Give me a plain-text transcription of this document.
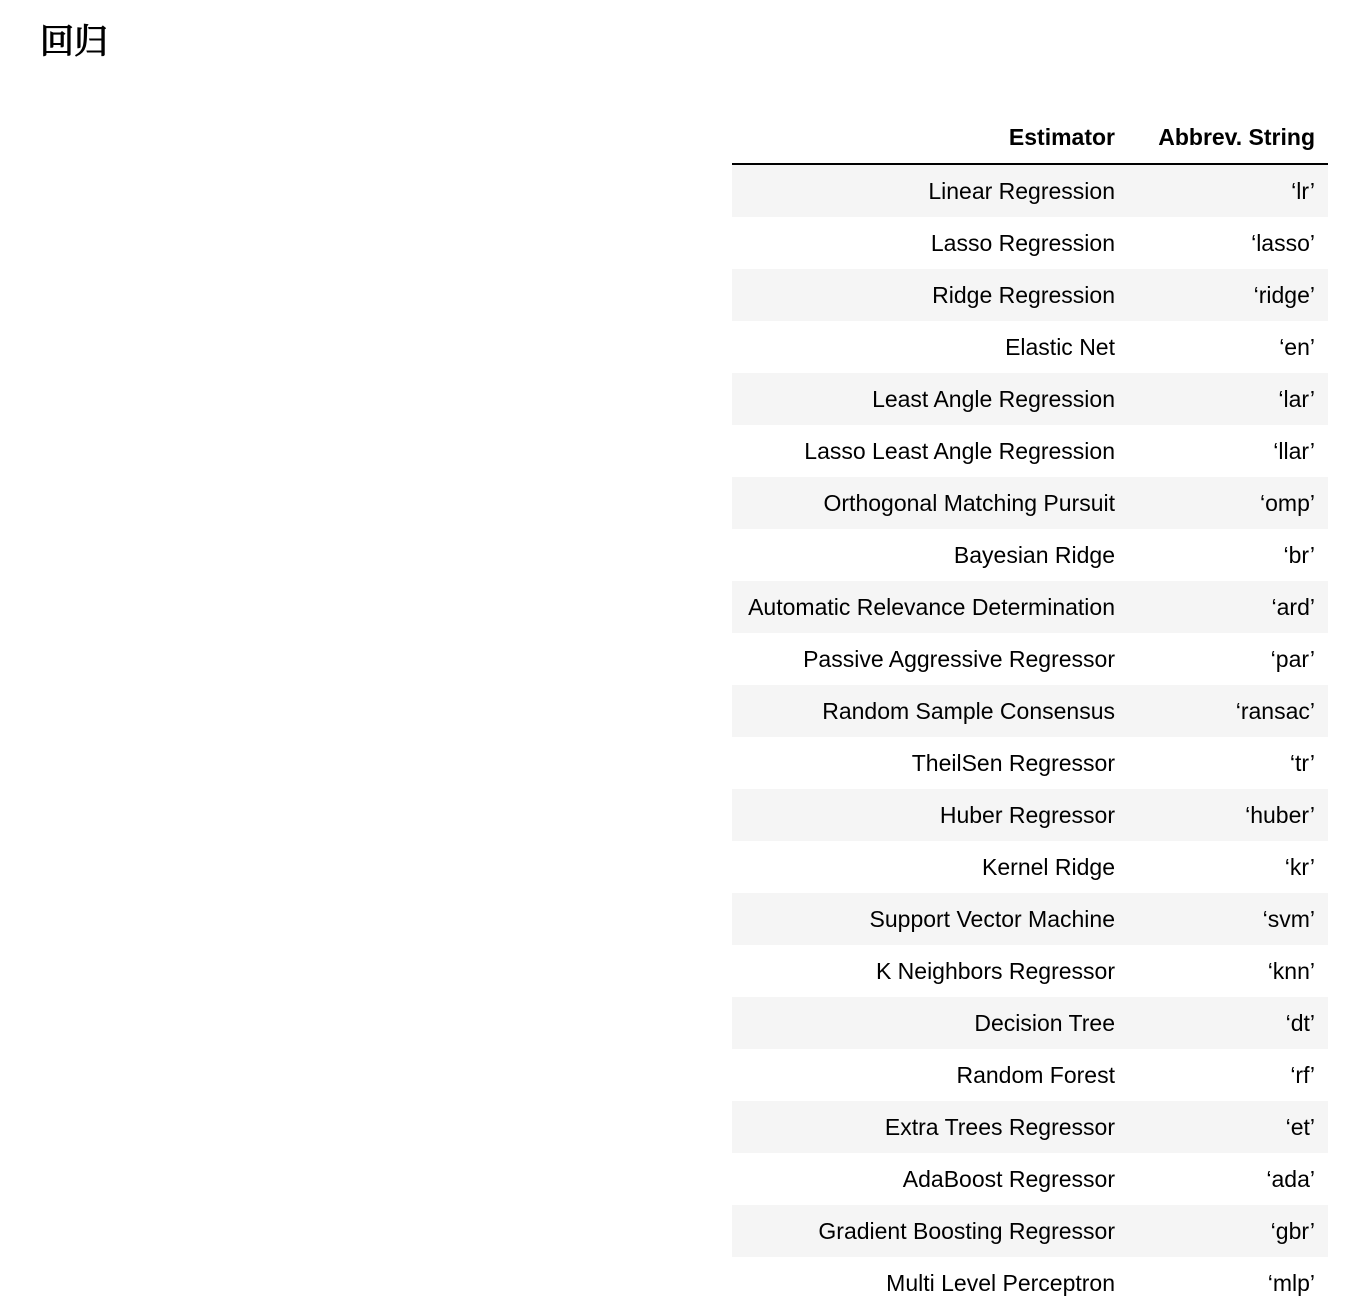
回归
Estimator	Abbrev. String
Linear Regression	‘lr’
Lasso Regression	‘lasso’
Ridge Regression	‘ridge’
Elastic Net	‘en’
Least Angle Regression	‘lar’
Lasso Least Angle Regression	‘llar’
Orthogonal Matching Pursuit	‘omp’
Bayesian Ridge	‘br’
Automatic Relevance Determination	‘ard’
Passive Aggressive Regressor	‘par’
Random Sample Consensus	‘ransac’
TheilSen Regressor	‘tr’
Huber Regressor	‘huber’
Kernel Ridge	‘kr’
Support Vector Machine	‘svm’
K Neighbors Regressor	‘knn’
Decision Tree	‘dt’
Random Forest	‘rf’
Extra Trees Regressor	‘et’
AdaBoost Regressor	‘ada’
Gradient Boosting Regressor	‘gbr’
Multi Level Perceptron	‘mlp’
